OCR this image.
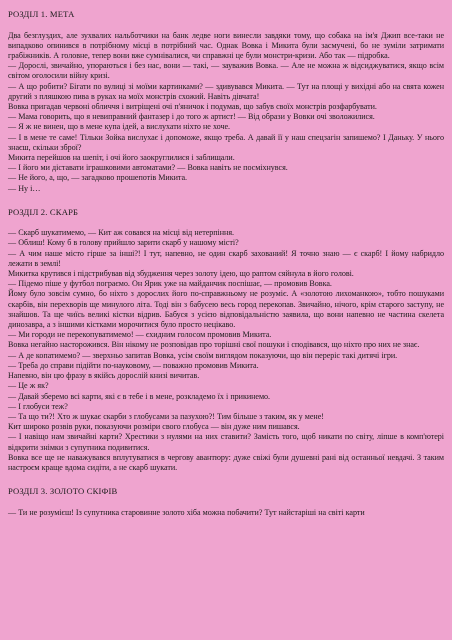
РОЗДІЛ 1. МЕТА

Два безглуздих, але зухвалих нальботчики на банк ледве ноги винесли завдяки тому, що собака на ім'я Джип все-таки не випадково опинився в потрібному місці в потрібний час. Однак Вовка і Микита були засмучені, бо не зуміли затримати грабіжників. А головне, тепер вони вже сумнівалися, чи справжні це були монстри-кризи. Або так — підробка.

— Дорослі, звичайно, упораються і без нас, вони — такі, — зауважив Вовка. — Але не можна ж відсиджуватися, якщо всім світом оголосили війну кризі.

— А що робити? Бігати по вулиці зі моїми картинками? — здивувався Микита. — Тут на площі у вихідні або на свята кожен другий з пляшкою пива в руках на моїх монстрів схожий. Навіть дівчата!

Вовка пригадав червоні обличчя і витріщені очі п'яничок і подумав, що забув своїх монстрів розфарбувати.

— Мама говорить, що я невиправний фантазер і до того ж артист! — Від образи у Вовки очі зволожилися.

— Я ж не винен, що в мене купа ідей, а вислухати ніхто не хоче.

— І в мене те саме! Тільки Зойка вислухає і допоможе, якщо треба. А давай її у наш спецзагін запишемо? І Даньку. У нього знаєш, скільки зброї?

Микита перейшов на шепіт, і очі його заокруглилися і заблищали.

— І його ми діставати іграшковими автоматами? — Вовка навіть не посміхнувся.

— Не його, а, що, — загадково прошепотів Микита.

— Ну і…

РОЗДІЛ 2. СКАРБ

— Скарб шукатимемо, — Кит аж совався на місці від нетерпіння.

— Облиш! Кому б в голову прийшло зарити скарб у нашому місті?

— А чим наше місто гірше за інші?! І тут, напевно, не один скарб захований! Я точно знаю — є скарб! І йому набридло лежати в землі!

Микитка крутився і підстрибував від збудження через золоту ідею, що раптом сяйнула в його голові.

— Підемо піше у футбол пограємо. Он Ярик уже на майданчик поспішає, — промовив Вовка.

Йому було зовсім сумно, бо ніхто з дорослих його по-справжньому не розуміє. А «золотою лихоманкою», тобто пошуками скарбів, він перехворів ще минулого літа. Тоді він з бабусею весь город перекопав. Звичайно, нічого, крім старого заступу, не знайшов. Та ще чиїсь великі кістки відрив. Бабуся з усією відповідальністю заявила, що вони напевно не частина скелета динозавра, а з іншими кістками морочитися було просто нецікаво.

— Ми городи не перекопуватимемо! — єхидним голосом промовив Микита.

Вовка негайно насторожився. Він нікому не розповідав про торішні свої пошуки і сподівався, що ніхто про них не знає.

— А де копатимемо? — зверхньо запитав Вовка, усім своїм виглядом показуючи, що він переріс такі дитячі ігри.

— Треба до справи підійти по-науковому, — поважно промовив Микита.

Напевно, він цю фразу в якійсь дорослій книзі вичитав.

— Це ж як?

— Давай зберемо всі карти, які є в тебе і в мене, розкладемо їх і прикинемо.

— І глобуси теж?

— Та що ти?! Хто ж шукає скарби з глобусами за пазухою?! Тим більше з таким, як у мене!

Кит широко розвів руки, показуючи розміри свого глобуса — він дуже ним пишався.

— І навіщо нам звичайні карти? Хрестики з нулями на них ставити? Замість того, щоб никати по світу, ліпше в комп'ютері відкрити знімки з супутника подивитися.

Вовка все ще не наважувався вплутуватися в чергову авантюру: дуже свіжі були душевні рані від останньої невдачі. З таким настроєм краще вдома сидіти, а не скарб шукати.

РОЗДІЛ 3. ЗОЛОТО СКІФІВ

— Ти не розумієш! Із супутника старовинне золото хіба можна побачити? Тут найстаріші на світі карти
